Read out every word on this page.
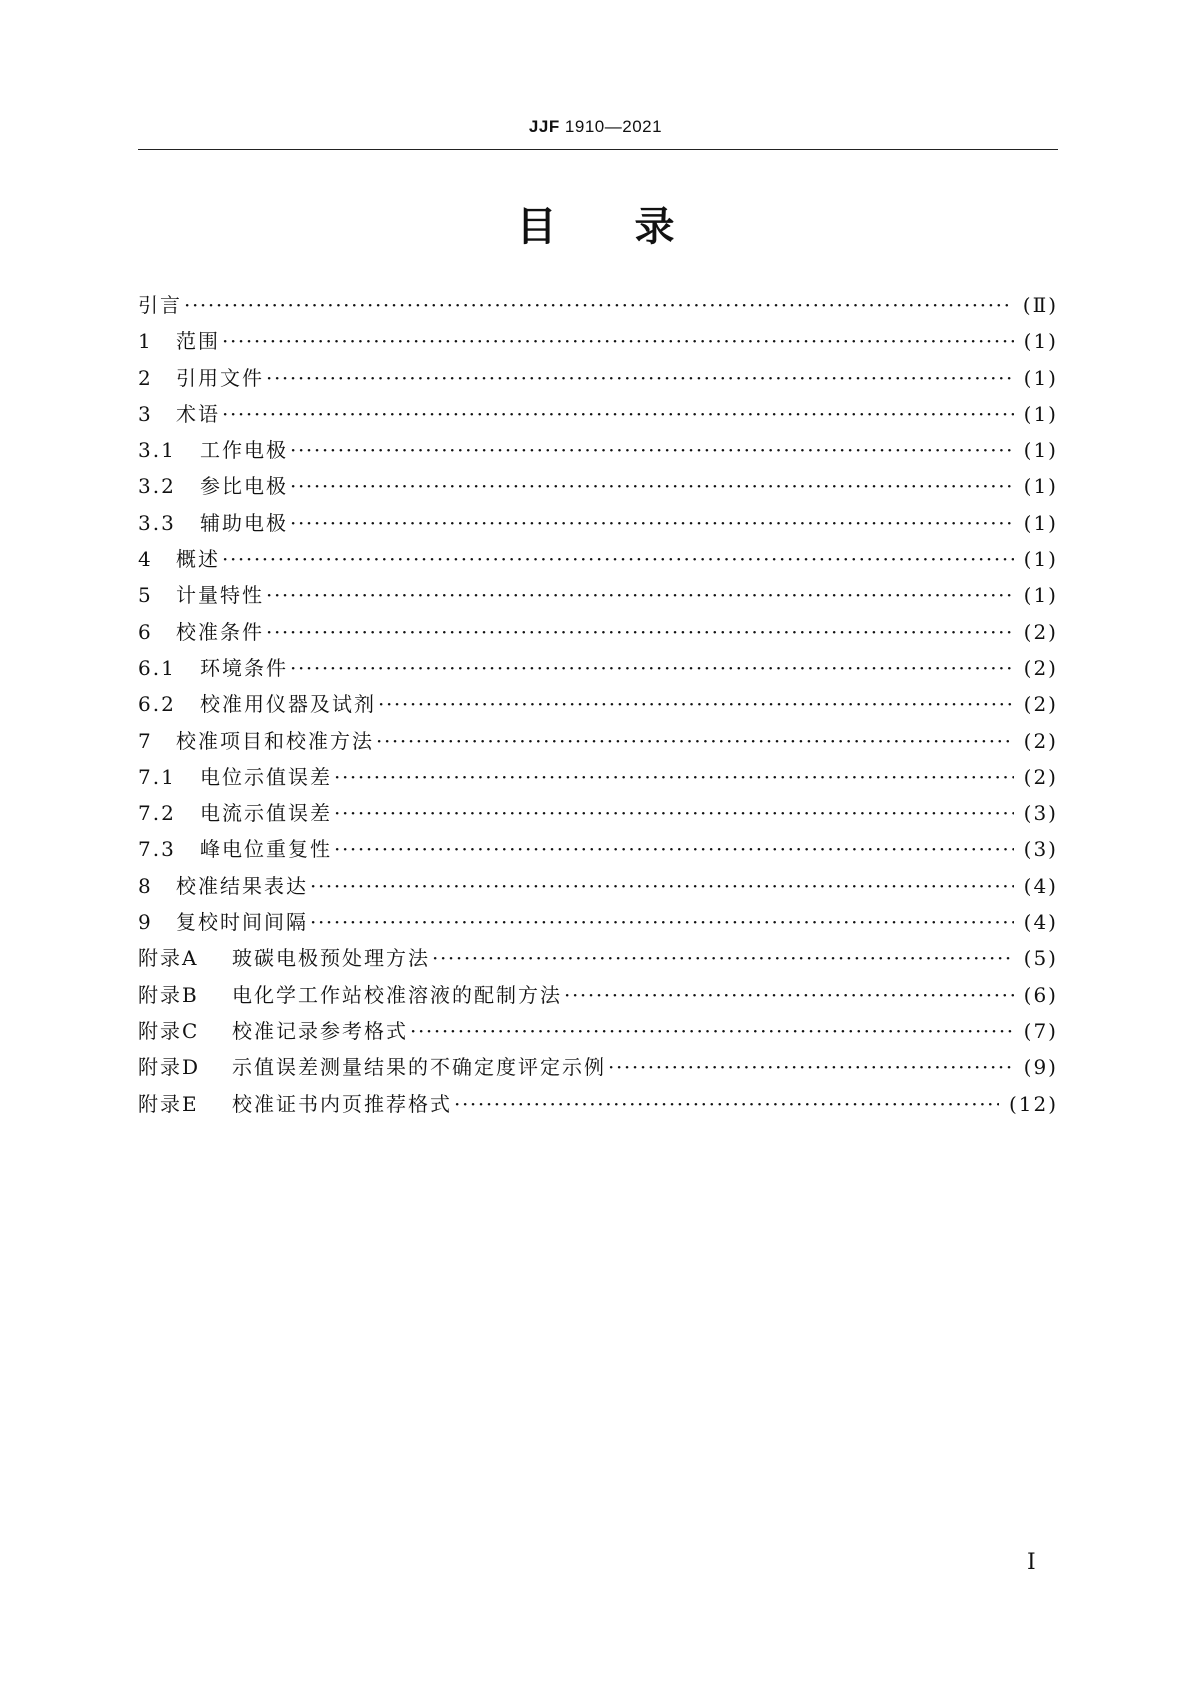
JJF 1910—2021
目 录
引言 ·····	(Ⅱ)
1	范围 ·····	(1)
2	引用文件 ·····	(1)
3	术语 ·····	(1)
3.1	工作电极 ·····	(1)
3.2	参比电极 ·····	(1)
3.3	辅助电极 ·····	(1)
4	概述 ·····	(1)
5	计量特性 ·····	(1)
6	校准条件 ·····	(2)
6.1	环境条件 ·····	(2)
6.2	校准用仪器及试剂 ·····	(2)
7	校准项目和校准方法 ·····	(2)
7.1	电位示值误差 ·····	(2)
7.2	电流示值误差 ·····	(3)
7.3	峰电位重复性 ·····	(3)
8	校准结果表达 ·····	(4)
9	复校时间间隔 ·····	(4)
附录A	玻碳电极预处理方法 ·····	(5)
附录B	电化学工作站校准溶液的配制方法 ·····	(6)
附录C	校准记录参考格式 ·····	(7)
附录D	示值误差测量结果的不确定度评定示例 ·····	(9)
附录E	校准证书内页推荐格式 ·····	(12)
Ⅰ
